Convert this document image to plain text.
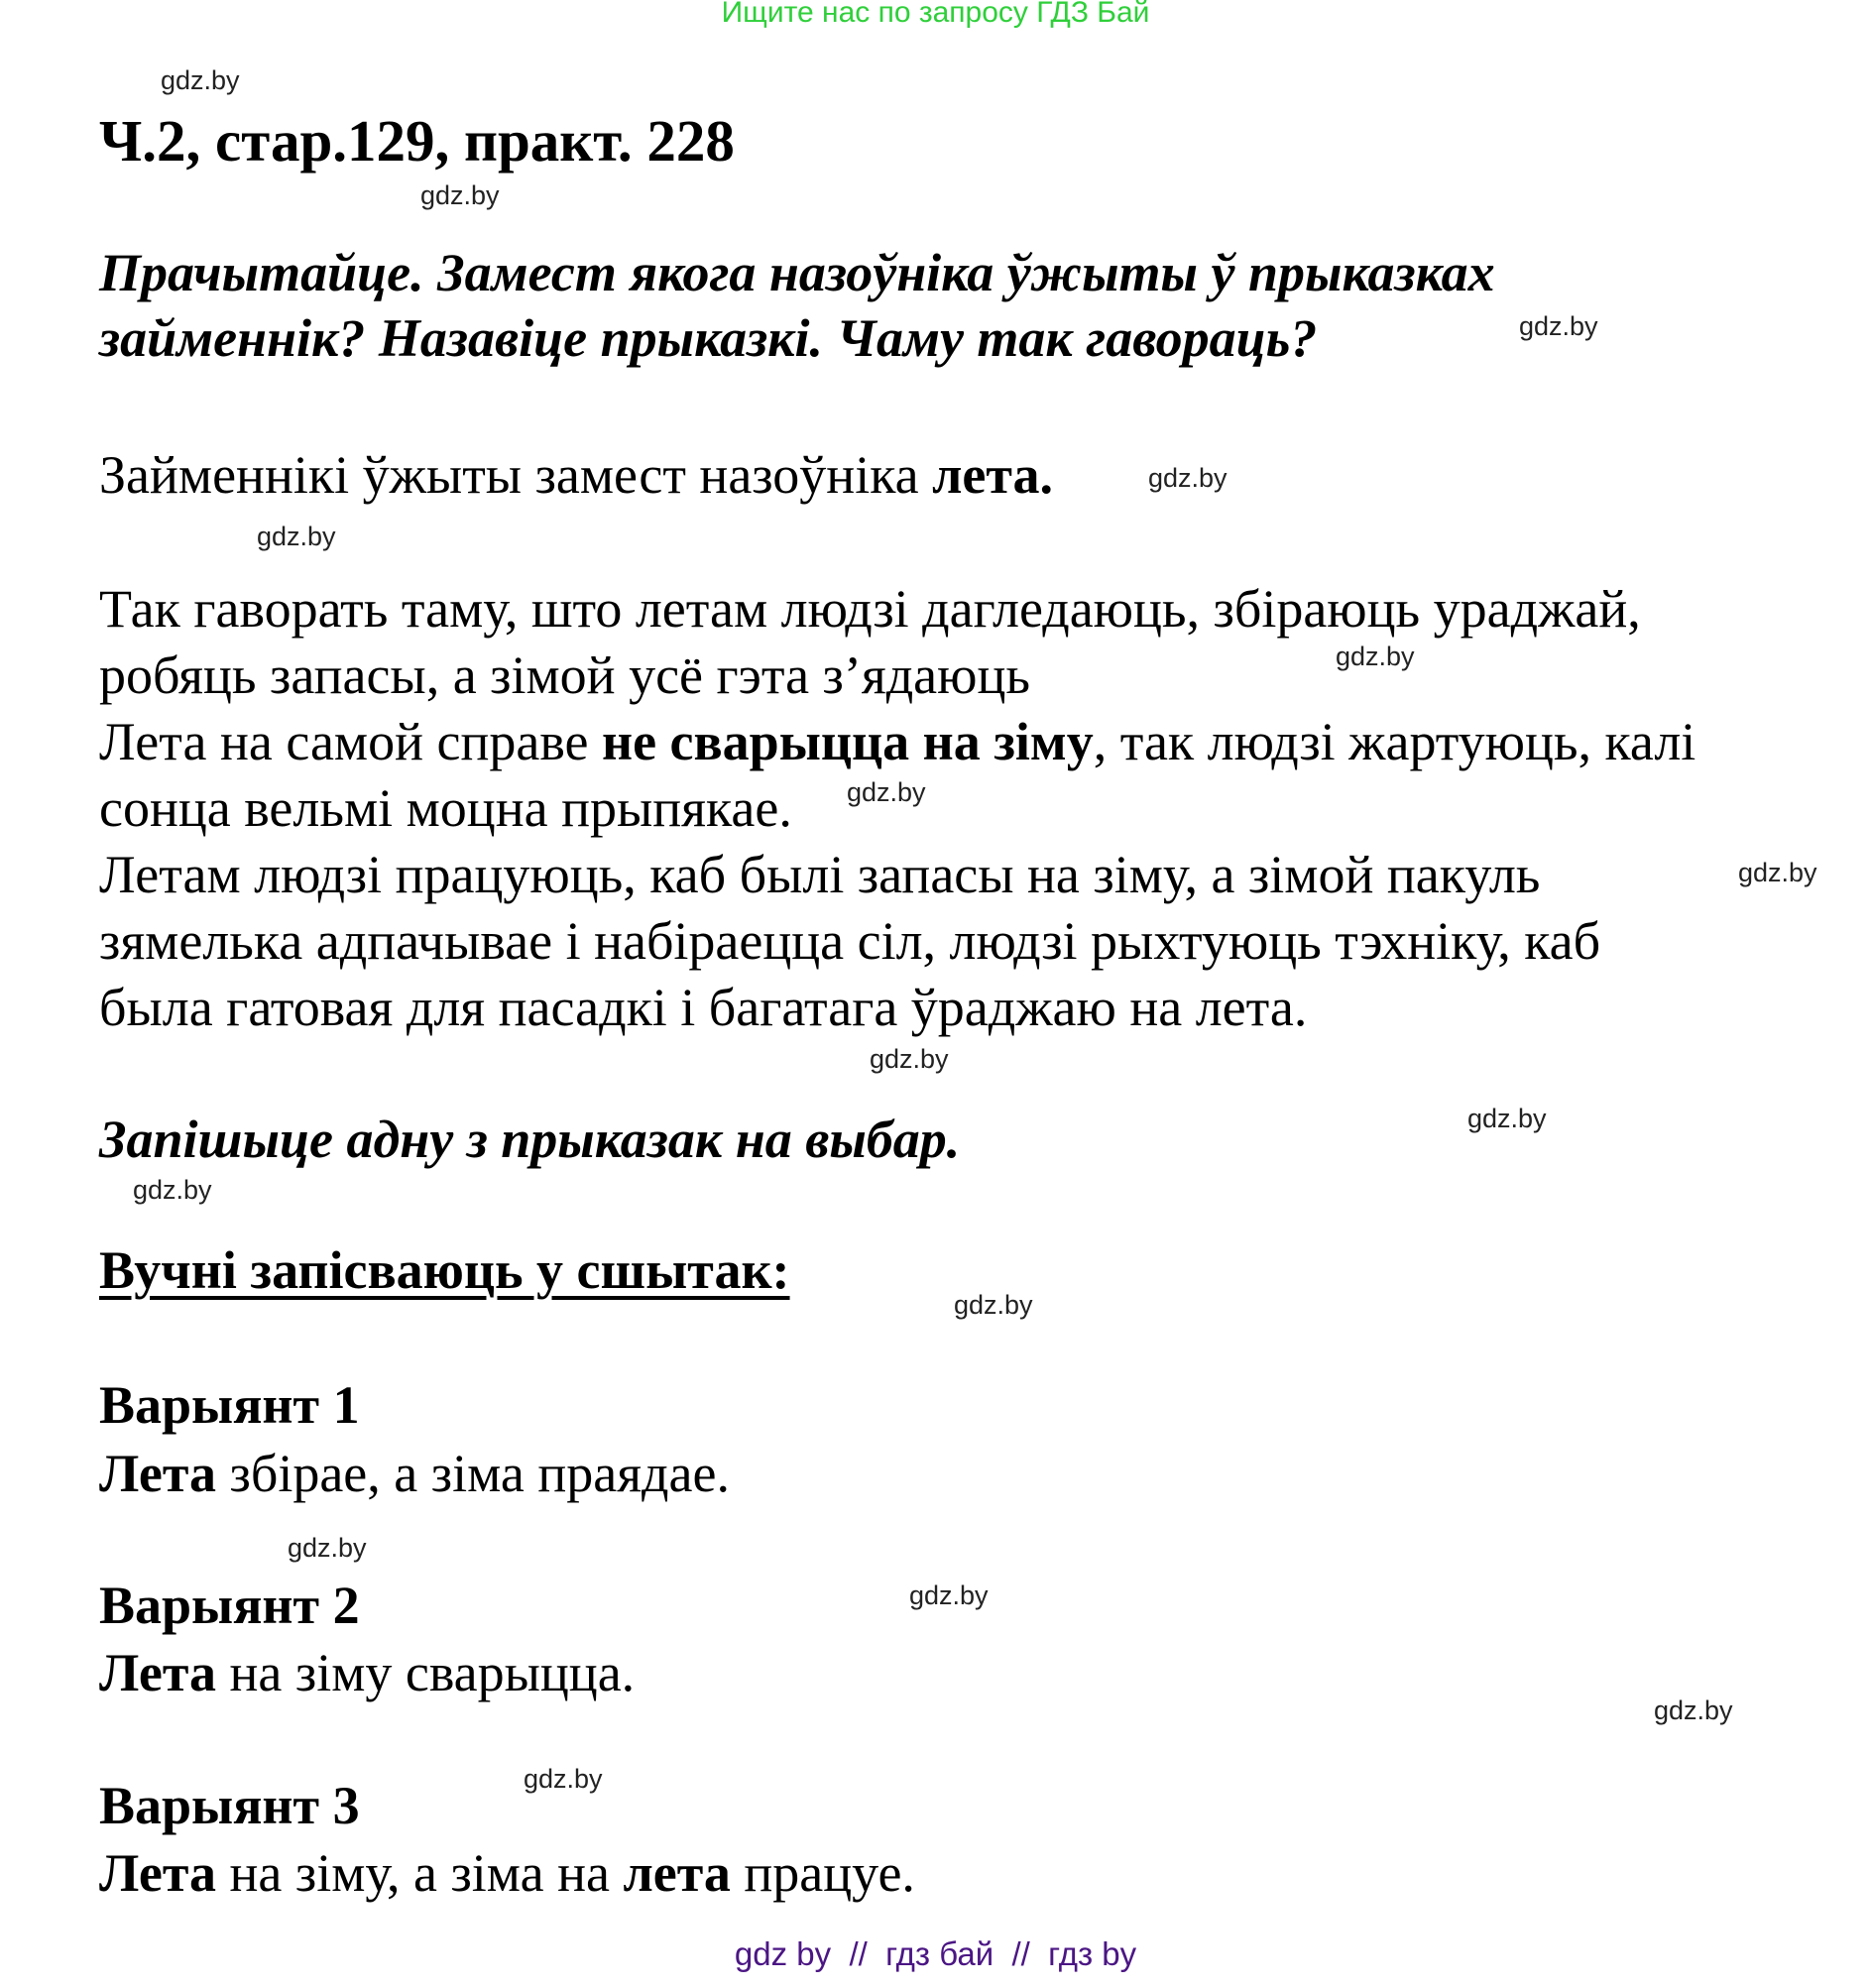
Ищите нас по запросу ГДЗ Бай
Ч.2, стар.129, практ. 228
Прачытайце. Замест якога назоўніка ўжыты ў прыказках
займеннік? Назавіце прыказкі. Чаму так гавораць?
Займеннікі ўжыты замест назоўніка лета.
Так гаворать таму, што летам людзі дагледаюць, збіраюць ураджай,
робяць запасы, а зімой усё гэта з’ядаюць
Лета на самой справе не сварыцца на зіму, так людзі жартуюць, калі
сонца вельмі моцна прыпякае.
Летам людзі працуюць, каб былі запасы на зіму, а зімой пакуль
зямелька адпачывае і набіраецца сіл, людзі рыхтуюць тэхніку, каб
была гатовая для пасадкі і багатага ўраджаю на лета.
Запішыце адну з прыказак на выбар.
Вучні запісваюць у сшытак:
Варыянт 1
Лета збірае, а зіма праядае.
Варыянт 2
Лета на зіму сварыцца.
Варыянт 3
Лета на зіму, а зіма на лета працуе.
gdz.by
gdz.by
gdz.by
gdz.by
gdz.by
gdz.by
gdz.by
gdz.by
gdz.by
gdz.by
gdz.by
gdz.by
gdz.by
gdz.by
gdz.by
gdz.by
gdz by  //  гдз бай  //  гдз by
